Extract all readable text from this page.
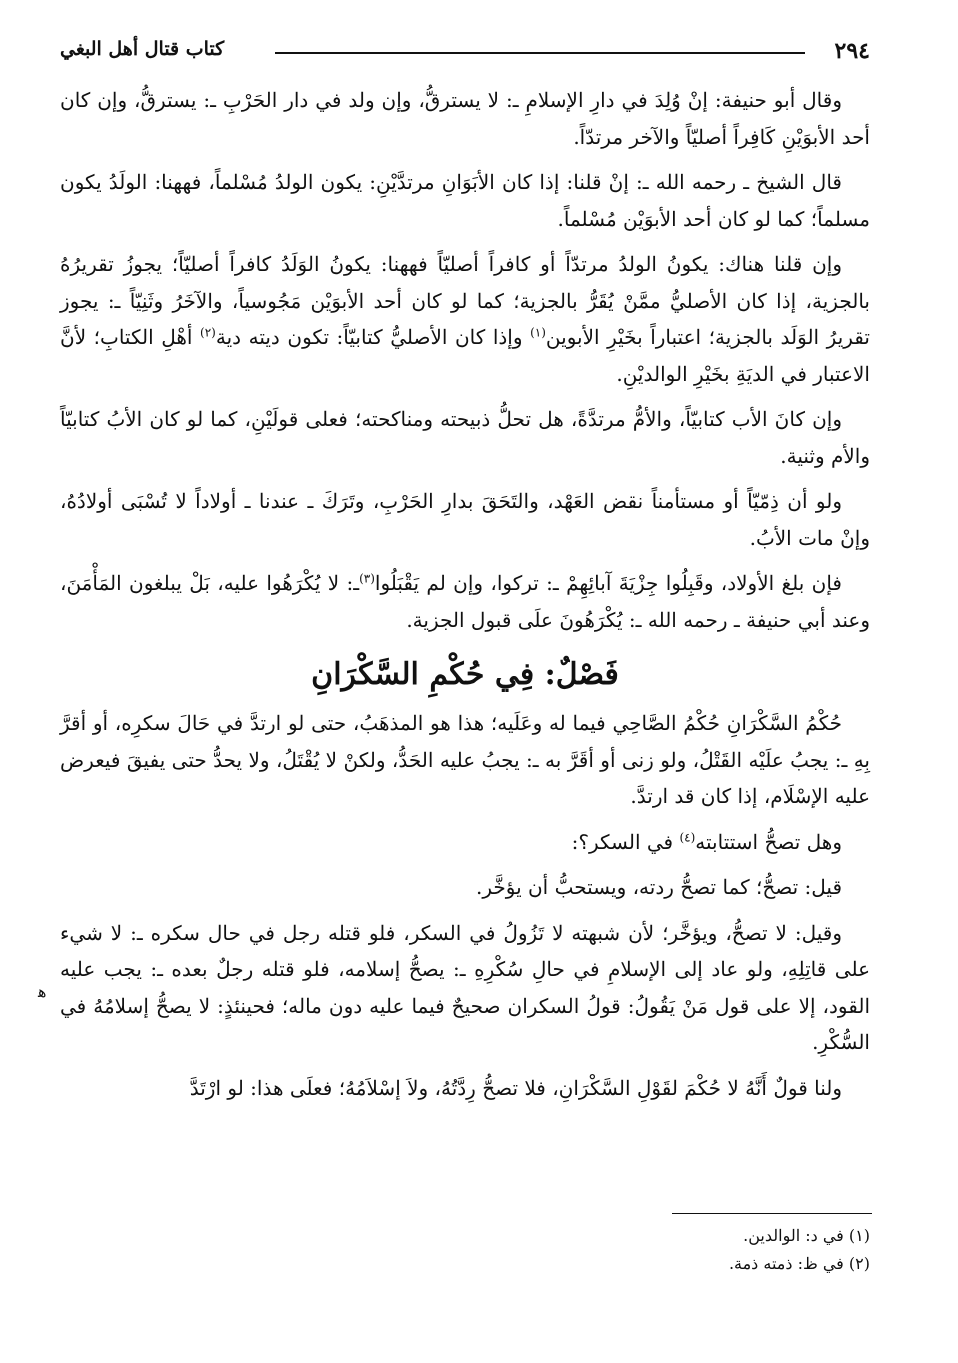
٢٩٤
كتاب قتال أهل البغي

وقال أبو حنيفة: إنْ وُلِدَ في دارِ الإسلامِ ـ: لا يسترقُّ، وإن ولد في دار الحَرْبِ ـ: يسترقُّ، وإن كان أحد الأبوَيْنِ كَافِراً أصليّاً والآخر مرتدّاً.

قال الشيخ ـ رحمه الله ـ: إنْ قلنا: إذا كان الأبَوَانِ مرتدَّيْنِ: يكون الولدُ مُسْلماً، فههنا: الولَدُ يكون مسلماً؛ كما لو كان أحد الأبوَيْن مُسْلماً.

وإن قلنا هناك: يكونُ الولدُ مرتدّاً أو كافراً أصليّاً فههنا: يكونُ الوَلَدُ كافراً أصليّاً؛ يجوزُ تقريرُهُ بالجزية، إذا كان الأصليُّ ممَّنْ يُقَرُّ بالجزية؛ كما لو كان أحد الأبوَيْن مَجُوسياً، والآخَرُ وثَنِيّاً ـ: يجوز تقريرُ الوَلَد بالجزية؛ اعتباراً بخَيْرِ الأبوين$^{(١)}$ وإذا كان الأصليُّ كتابيّاً: تكون ديته دية$^{(٢)}$ أهْلِ الكتابِ؛ لأنَّ الاعتبار في الديَةِ بخَيْرِ الوالديْنِ.

وإن كانَ الأب كتابيّاً، والأمُّ مرتدَّةً، هل تحلُّ ذبيحته ومناكحته؛ فعلى قولَيْنِ، كما لو كان الأبُ كتابيّاً والأم وثنية.

ولو أن ذِمّيّاً أو مستأمناً نقض العَهْد، والتَحَقَ بدارِ الحَرْبِ، وتَرَكَ ـ عندنا ـ أولاداً لا تُسْبَى أولادُهُ، وإنْ مات الأبُ.

فإن بلغ الأولاد، وقَبِلُوا جِزْيَةَ آبائِهِمْ ـ: تركوا، وإن لم يَقْبَلُوا$^{(٣)}$ـ: لا يُكْرَهُوا عليه، بَلْ يبلغون المَأْمَنَ، وعند أبي حنيفة ـ رحمه الله ـ: يُكْرَهُونَ علَى قبول الجزية.

فَصْلٌ: فِي حُكْمِ السَّكْرَانِ

حُكْمُ السَّكْرَانِ حُكْمُ الصَّاحِي فيما له وعَلَيه؛ هذا هو المذهَبُ، حتى لو ارتدَّ في حَالَ سكرِه، أو أقرَّ بِهِ ـ: يجبُ علَيْه القَتْلُ، ولو زنى أو أقَرَّ به ـ: يجبُ عليه الحَدُّ، ولكنْ لا يُقْتَلُ، ولا يحدُّ حتى يفيقَ فيعرض عليه الإسْلَام، إذا كان قد ارتدَّ.

وهل تصحُّ استتابته$^{(٤)}$ في السكر؟:

قيل: تصحُّ؛ كما تصحُّ ردته، ويستحبُّ أن يؤخَّر.

وقيل: لا تصحُّ، ويؤخَّر؛ لأن شبهته لا تَزُولُ في السكر، فلو قتله رجل في حال سكره ـ: لا شيء على قاتِلِهِ، ولو عاد إلى الإسلامِ في حالِ سُكْرِهِ ـ: يصحُّ إسلامه، فلو قتله رجلٌ بعده ـ: يجب عليه القود، إلا على قول مَنْ يَقُولُ: قولُ السكران صحيحٌ فيما عليه دون ماله؛ فحينئذٍ: لا يصحُّ إسلامُهُ في السُّكْرِ.

ولنا قولٌ أَنَّهُ لا حُكْمَ لقَوْلِ السَّكْرَانِ، فلا تصحُّ رِدَّتُهُ، ولاَ إسْلاَمُهُ؛ فعلَى هذا: لو ارْتَدَّ

ﻫ

(١) في د: الوالدين.

(٢) في ظ: ذمته ذمة.
